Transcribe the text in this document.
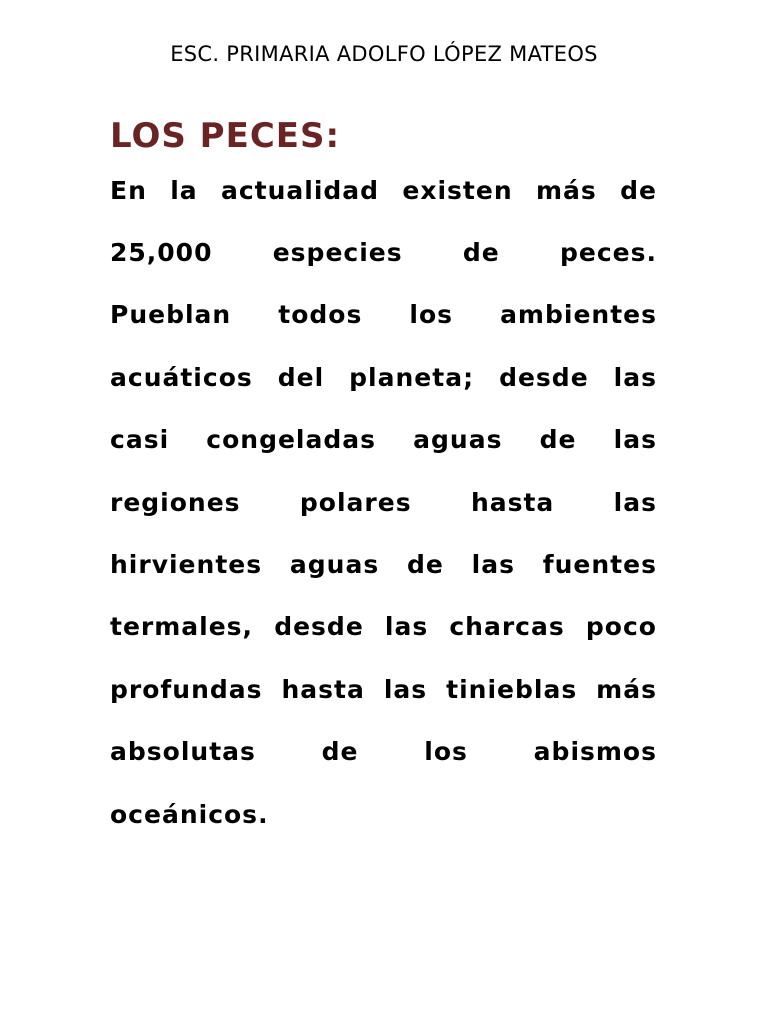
ESC. PRIMARIA ADOLFO LÓPEZ MATEOS
LOS PECES:
En la actualidad existen más de
25,000 especies de peces.
Pueblan todos los ambientes
acuáticos del planeta; desde las
casi congeladas aguas de las
regiones polares hasta las
hirvientes aguas de las fuentes
termales, desde las charcas poco
profundas hasta las tinieblas más
absolutas	de	los	abismos
oceánicos.
